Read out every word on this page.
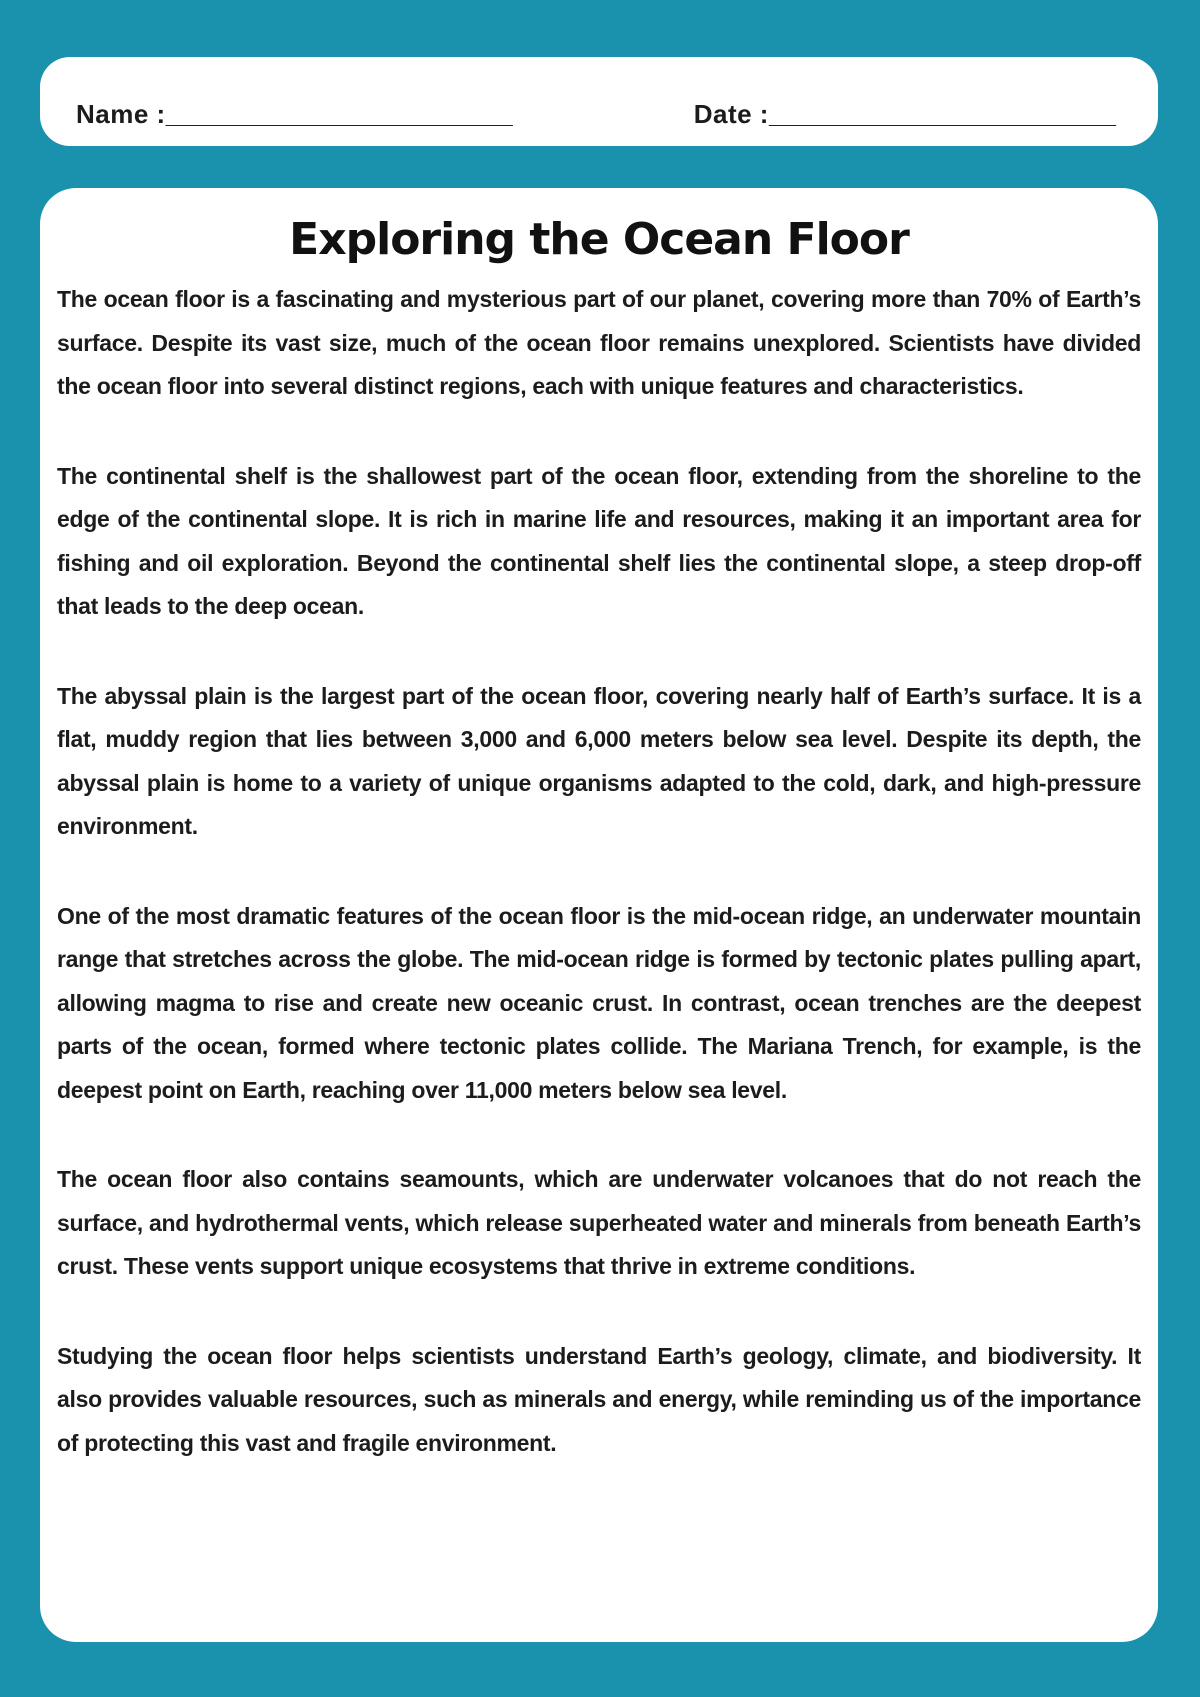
Name :________________________	Date :________________________
Exploring the Ocean Floor

The ocean floor is a fascinating and mysterious part of our planet, covering more than 70% of Earth’s surface. Despite its vast size, much of the ocean floor remains unexplored. Scientists have divided the ocean floor into several distinct regions, each with unique features and characteristics.

The continental shelf is the shallowest part of the ocean floor, extending from the shoreline to the edge of the continental slope. It is rich in marine life and resources, making it an important area for fishing and oil exploration. Beyond the continental shelf lies the continental slope, a steep drop-off that leads to the deep ocean.

The abyssal plain is the largest part of the ocean floor, covering nearly half of Earth’s surface. It is a flat, muddy region that lies between 3,000 and 6,000 meters below sea level. Despite its depth, the abyssal plain is home to a variety of unique organisms adapted to the cold, dark, and high-pressure environment.

One of the most dramatic features of the ocean floor is the mid-ocean ridge, an underwater mountain range that stretches across the globe. The mid-ocean ridge is formed by tectonic plates pulling apart, allowing magma to rise and create new oceanic crust. In contrast, ocean trenches are the deepest parts of the ocean, formed where tectonic plates collide. The Mariana Trench, for example, is the deepest point on Earth, reaching over 11,000 meters below sea level.

The ocean floor also contains seamounts, which are underwater volcanoes that do not reach the surface, and hydrothermal vents, which release superheated water and minerals from beneath Earth’s crust. These vents support unique ecosystems that thrive in extreme conditions.

Studying the ocean floor helps scientists understand Earth’s geology, climate, and biodiversity. It also provides valuable resources, such as minerals and energy, while reminding us of the importance of protecting this vast and fragile environment.
